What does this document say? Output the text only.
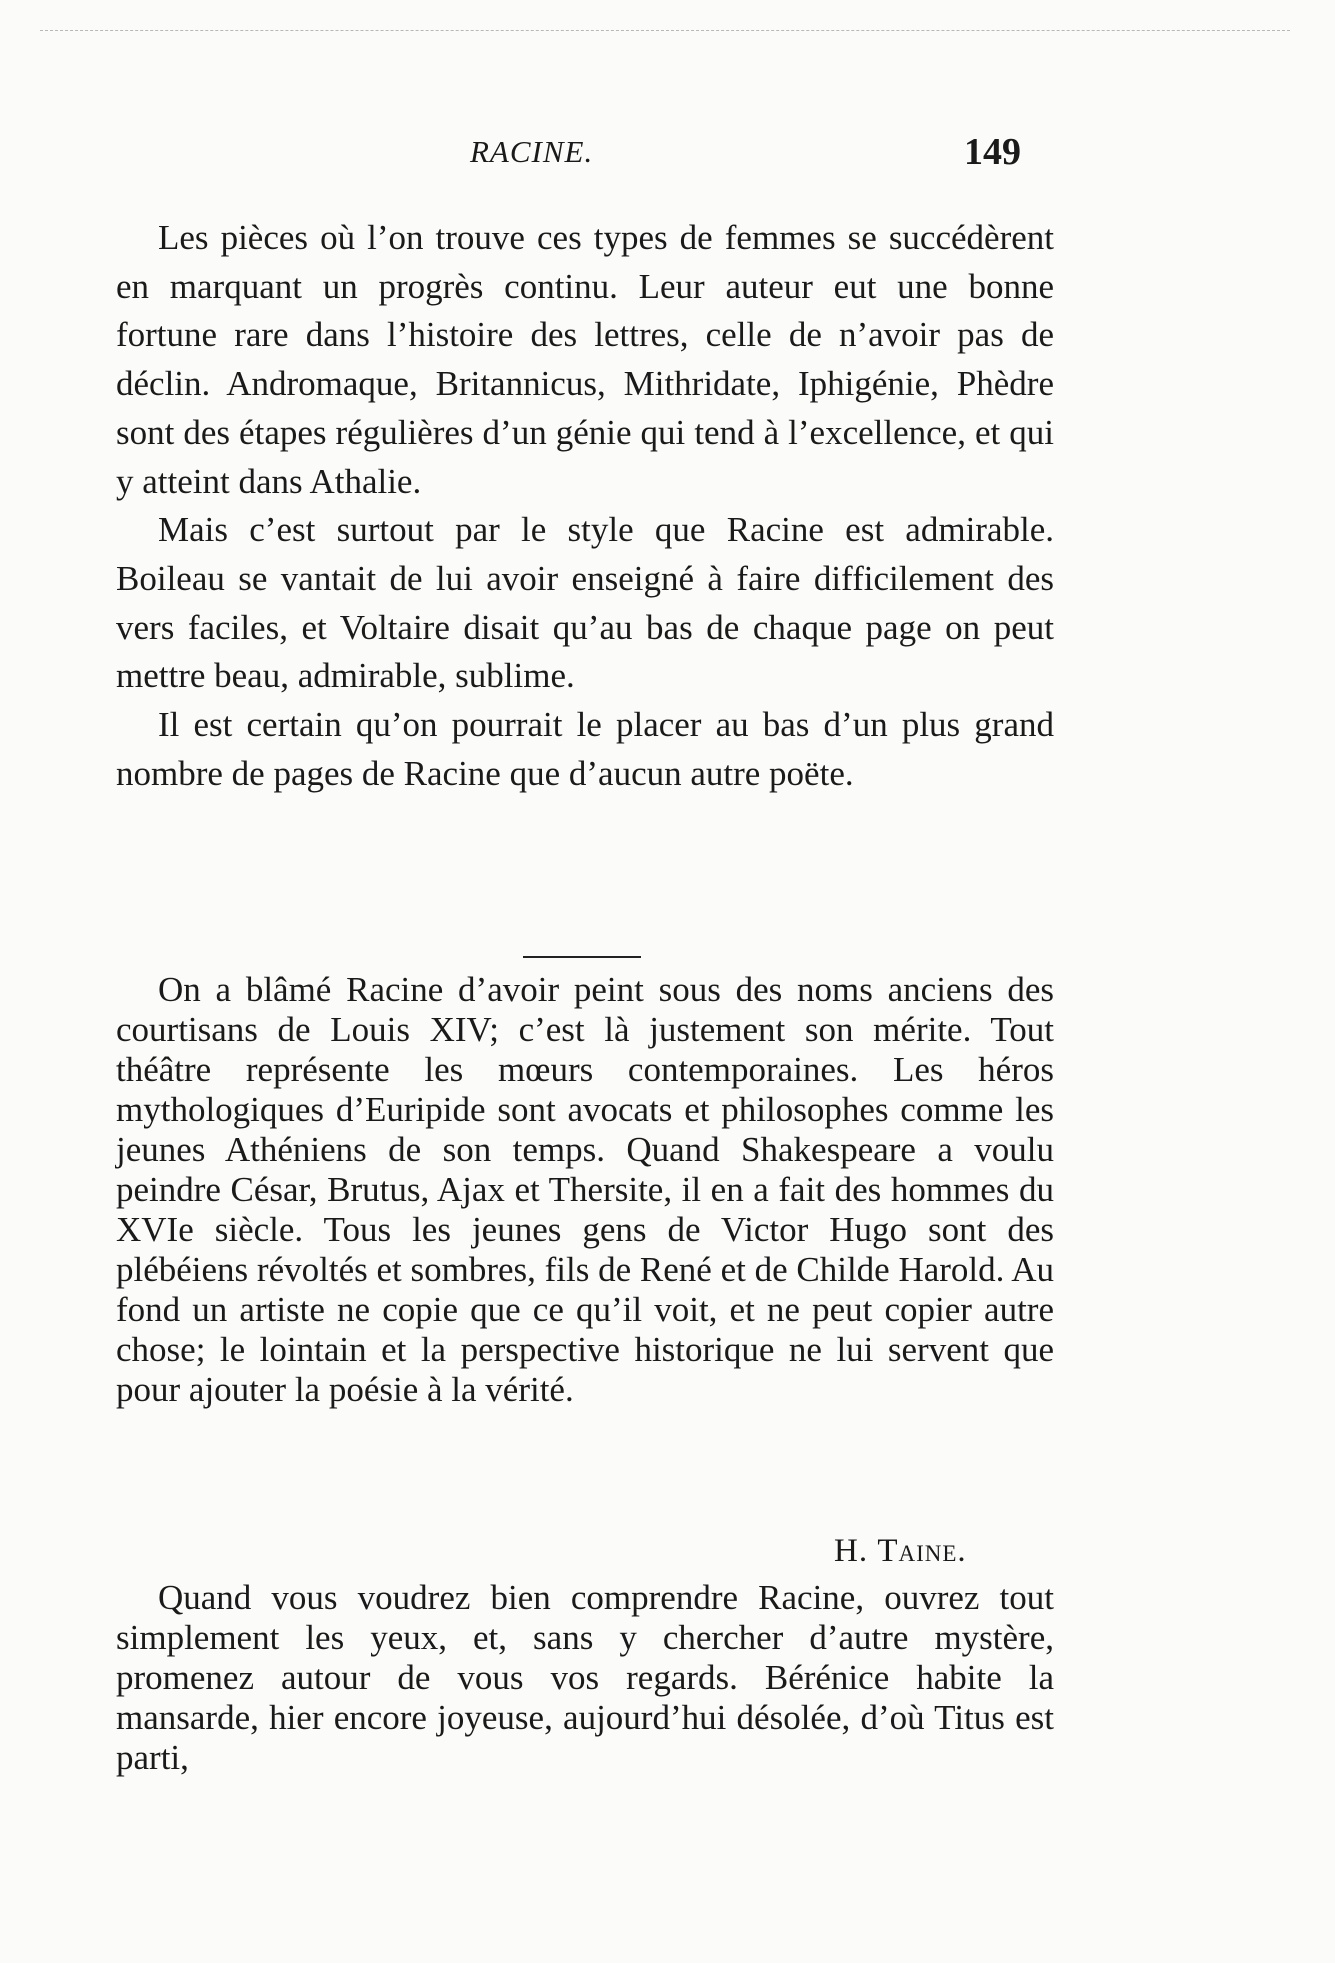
RACINE.	149

Les pièces où l’on trouve ces types de femmes se succédèrent en marquant un progrès continu. Leur auteur eut une bonne fortune rare dans l’histoire des lettres, celle de n’avoir pas de déclin. Andromaque, Britannicus, Mithridate, Iphigénie, Phèdre sont des étapes régulières d’un génie qui tend à l’excellence, et qui y atteint dans Athalie.

Mais c’est surtout par le style que Racine est admirable. Boileau se vantait de lui avoir enseigné à faire difficilement des vers faciles, et Voltaire disait qu’au bas de chaque page on peut mettre beau, admirable, sublime.

Il est certain qu’on pourrait le placer au bas d’un plus grand nombre de pages de Racine que d’aucun autre poëte.

On a blâmé Racine d’avoir peint sous des noms anciens des courtisans de Louis XIV; c’est là justement son mérite. Tout théâtre représente les mœurs contemporaines. Les héros mythologiques d’Euripide sont avocats et philosophes comme les jeunes Athéniens de son temps. Quand Shakespeare a voulu peindre César, Brutus, Ajax et Thersite, il en a fait des hommes du XVIe siècle. Tous les jeunes gens de Victor Hugo sont des plébéiens révoltés et sombres, fils de René et de Childe Harold. Au fond un artiste ne copie que ce qu’il voit, et ne peut copier autre chose; le lointain et la perspective historique ne lui servent que pour ajouter la poésie à la vérité.

H. Taine.

Quand vous voudrez bien comprendre Racine, ouvrez tout simplement les yeux, et, sans y chercher d’autre mystère, promenez autour de vous vos regards. Bérénice habite la mansarde, hier encore joyeuse, aujourd’hui désolée, d’où Titus est parti,
